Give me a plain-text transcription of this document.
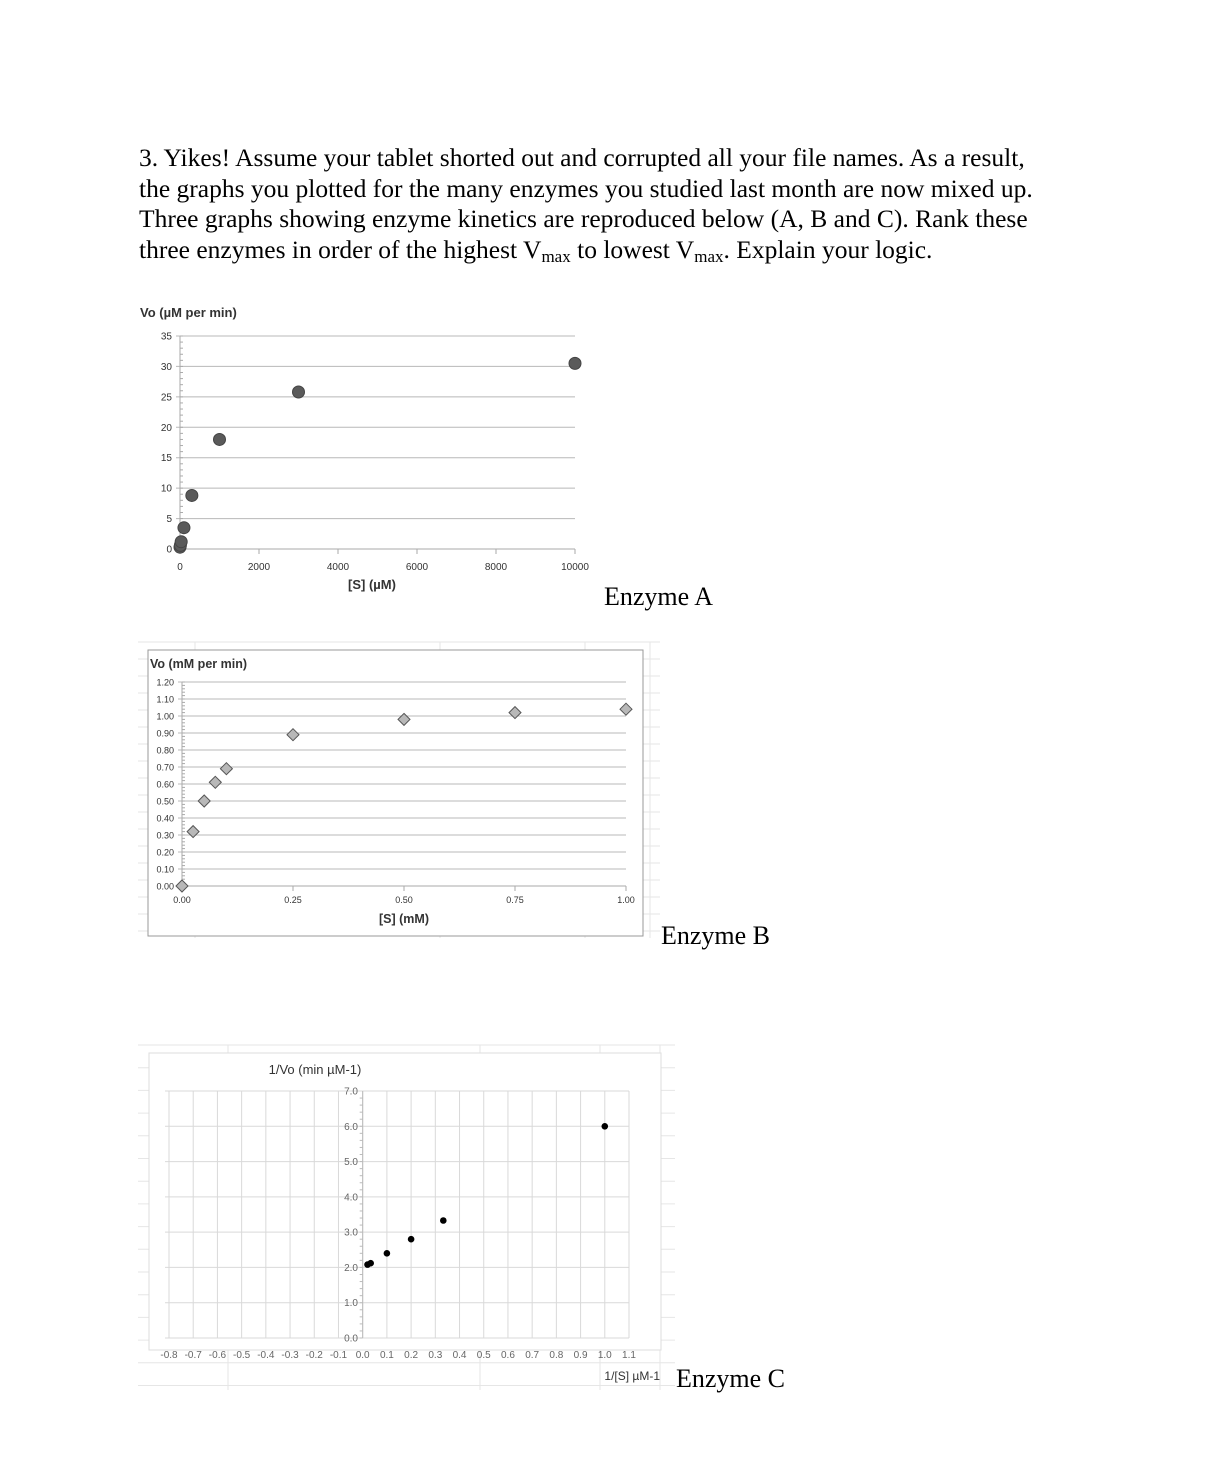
3. Yikes! Assume your tablet shorted out and corrupted all your file names. As a result,
the graphs you plotted for the many enzymes you studied last month are now mixed up.
Three graphs showing enzyme kinetics are reproduced below (A, B and C). Rank these
three enzymes in order of the highest $V_{max}$ to lowest $V_{max}$. Explain your logic.
0
5
10
15
20
25
30
35
0	2000	4000	6000	8000	10000
Vo (µM per min)
[S] (µM)
0.00
0.10
0.20
0.30
0.40
0.50
0.60
0.70
0.80
0.90
1.00
1.10
1.20
0.00	0.25	0.50	0.75	1.00
Vo (mM per min)
[S] (mM)
0.0
1.0
2.0
3.0
4.0
5.0
6.0
7.0
-0.8 -0.7 -0.6 -0.5 -0.4 -0.3 -0.2 -0.1 0.0 0.1 0.2 0.3 0.4 0.5 0.6 0.7 0.8 0.9 1.0 1.1
1/Vo (min µM-1)
1/[S] µM-1
Enzyme A
Enzyme B
Enzyme C
